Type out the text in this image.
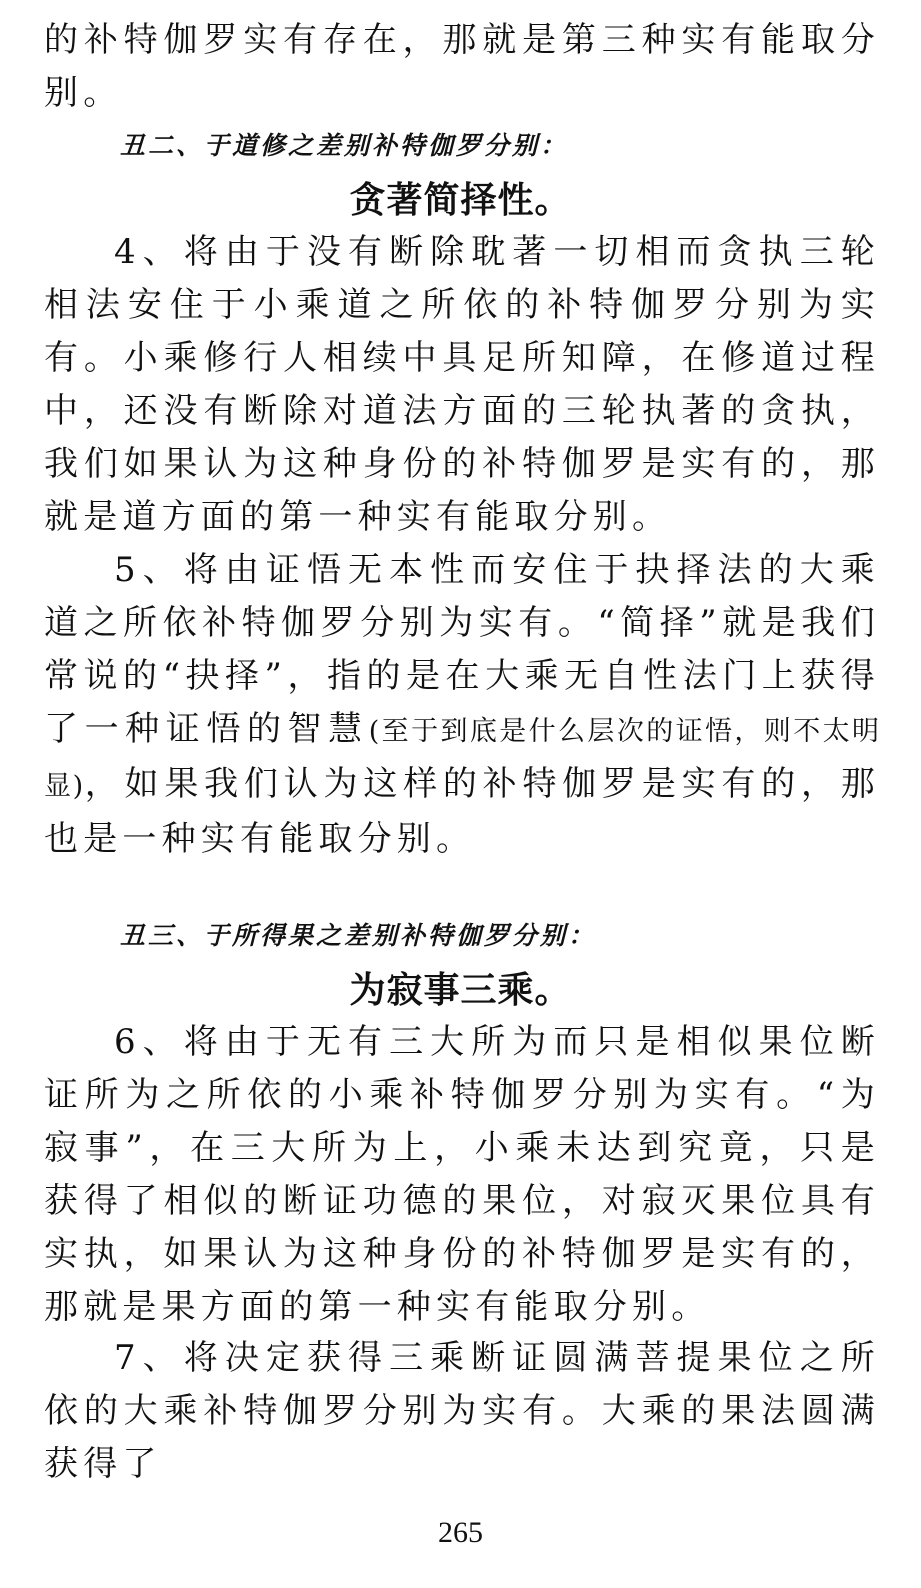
的补特伽罗实有存在，那就是第三种实有能取分别。

丑二、于道修之差别补特伽罗分别：
贪著简择性。

4、将由于没有断除耽著一切相而贪执三轮相法安住于小乘道之所依的补特伽罗分别为实有。小乘修行人相续中具足所知障，在修道过程中，还没有断除对道法方面的三轮执著的贪执，我们如果认为这种身份的补特伽罗是实有的，那就是道方面的第一种实有能取分别。

5、将由证悟无本性而安住于抉择法的大乘道之所依补特伽罗分别为实有。“简择”就是我们常说的“抉择”，指的是在大乘无自性法门上获得了一种证悟的智慧(至于到底是什么层次的证悟，则不太明显)，如果我们认为这样的补特伽罗是实有的，那也是一种实有能取分别。

丑三、于所得果之差别补特伽罗分别：
为寂事三乘。

6、将由于无有三大所为而只是相似果位断证所为之所依的小乘补特伽罗分别为实有。“为寂事”，在三大所为上，小乘未达到究竟，只是获得了相似的断证功德的果位，对寂灭果位具有实执，如果认为这种身份的补特伽罗是实有的，那就是果方面的第一种实有能取分别。

7、将决定获得三乘断证圆满菩提果位之所依的大乘补特伽罗分别为实有。大乘的果法圆满获得了

265
